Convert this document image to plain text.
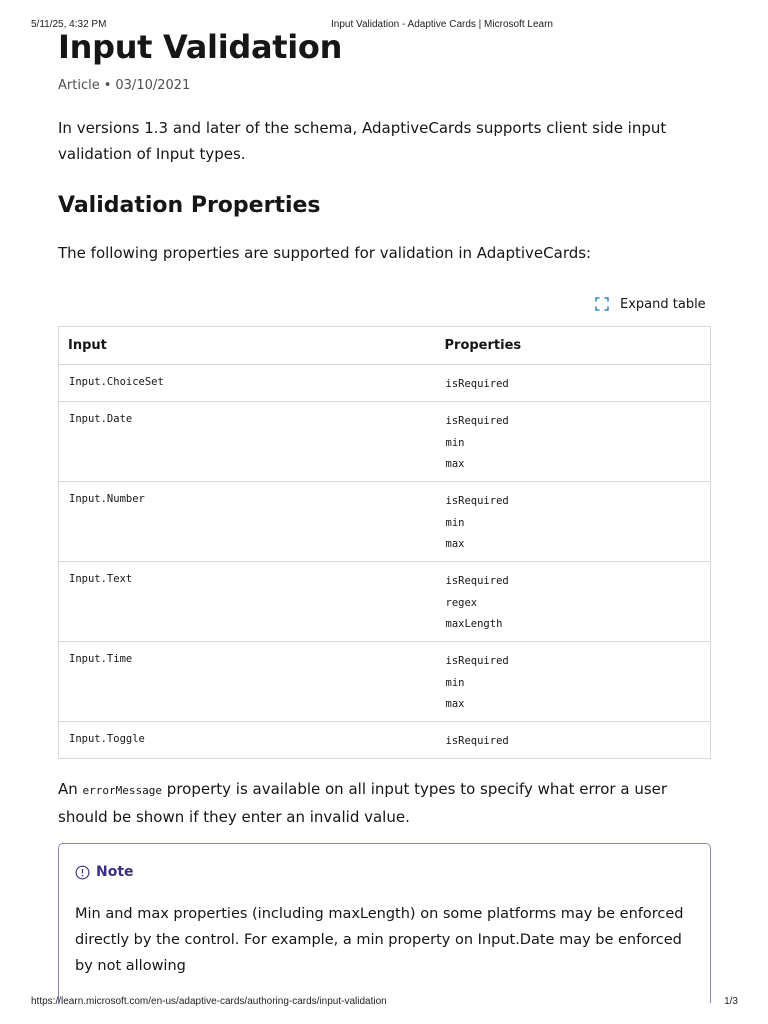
5/11/25, 4:32 PM	Input Validation - Adaptive Cards | Microsoft Learn
Input Validation
Article • 03/10/2021

In versions 1.3 and later of the schema, AdaptiveCards supports client side input validation of Input types.

Validation Properties

The following properties are supported for validation in AdaptiveCards:

Expand table
Input	Properties
Input.ChoiceSet	isRequired

Input.Date	isRequired
min
max

Input.Number	isRequired
min
max

Input.Text	isRequired
regex
maxLength

Input.Time	isRequired
min
max

Input.Toggle	isRequired

An errorMessage property is available on all input types to specify what error a user should be shown if they enter an invalid value.

Note

Min and max properties (including maxLength) on some platforms may be enforced directly by the control. For example, a min property on Input.Date may be enforced by not allowing

https://learn.microsoft.com/en-us/adaptive-cards/authoring-cards/input-validation	1/3
